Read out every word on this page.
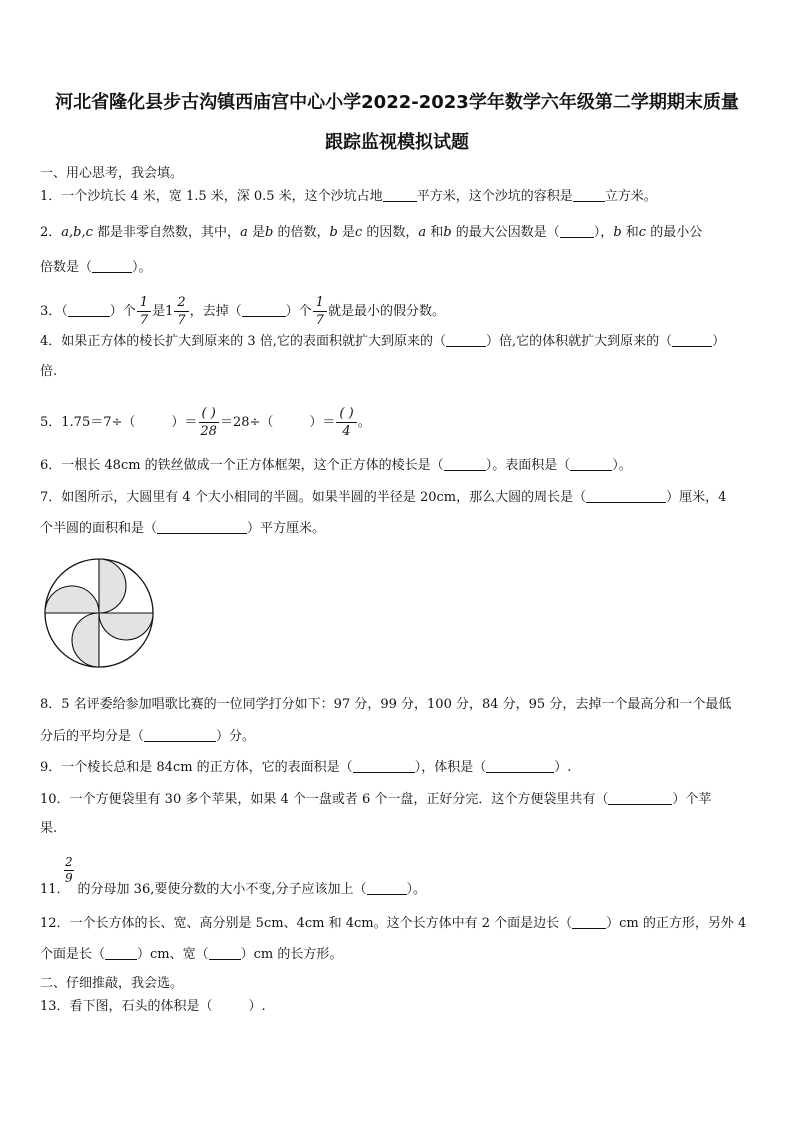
河北省隆化县步古沟镇西庙宫中心小学2022-2023学年数学六年级第二学期期末质量
跟踪监视模拟试题
一、用心思考，我会填。
1．一个沙坑长 4 米，宽 1.5 米，深 0.5 米，这个沙坑占地	平方米，这个沙坑的容积是 立方米。
2．a,b,c 都是非零自然数，其中，a 是b 的倍数，b 是c 的因数，a 和b 的最大公因数是（	），b 和c 的最小公
倍数是（	）。
3．（	）个 $\frac{1}{7}$ 是$1 \frac{2}{7}$ ，去掉（	）个 $\frac{1}{7}$ 就是最小的假分数。
4．如果正方体的棱长扩大到原来的 3 倍,它的表面积就扩大到原来的（	）倍,它的体积就扩大到原来的（	）
倍.
5．1.75＝7÷（	）＝ $\frac{( )}{28} =28\div$（	）＝ $\frac{( )}{4}$ 。
6．一根长 48cm 的铁丝做成一个正方体框架，这个正方体的棱长是（	）。表面积是（	）。
7．如图所示，大圆里有 4 个大小相同的半圆。如果半圆的半径是 20cm，那么大圆的周长是（	）厘米，4
个半圆的面积和是（	）平方厘米。
8．5 名评委给参加唱歌比赛的一位同学打分如下：97 分，99 分，100 分，84 分，95 分，去掉一个最高分和一个最低
分后的平均分是（	）分。
9．一个棱长总和是 84cm 的正方体，它的表面积是（	），体积是（	）.
10．一个方便袋里有 30 多个苹果，如果 4 个一盘或者 6 个一盘，正好分完．这个方便袋里共有（	）个苹
果.
$\frac{2}{9}$
11． 的分母加 36,要使分数的大小不变,分子应该加上（	）。
12．一个长方体的长、宽、高分别是 5cm、4cm 和 4cm。这个长方体中有 2 个面是边长（	）cm 的正方形，另外 4
个面是长（ ）cm、宽（ ）cm 的长方形。
二、仔细推敲，我会选。
13．看下图，石头的体积是（	）.
